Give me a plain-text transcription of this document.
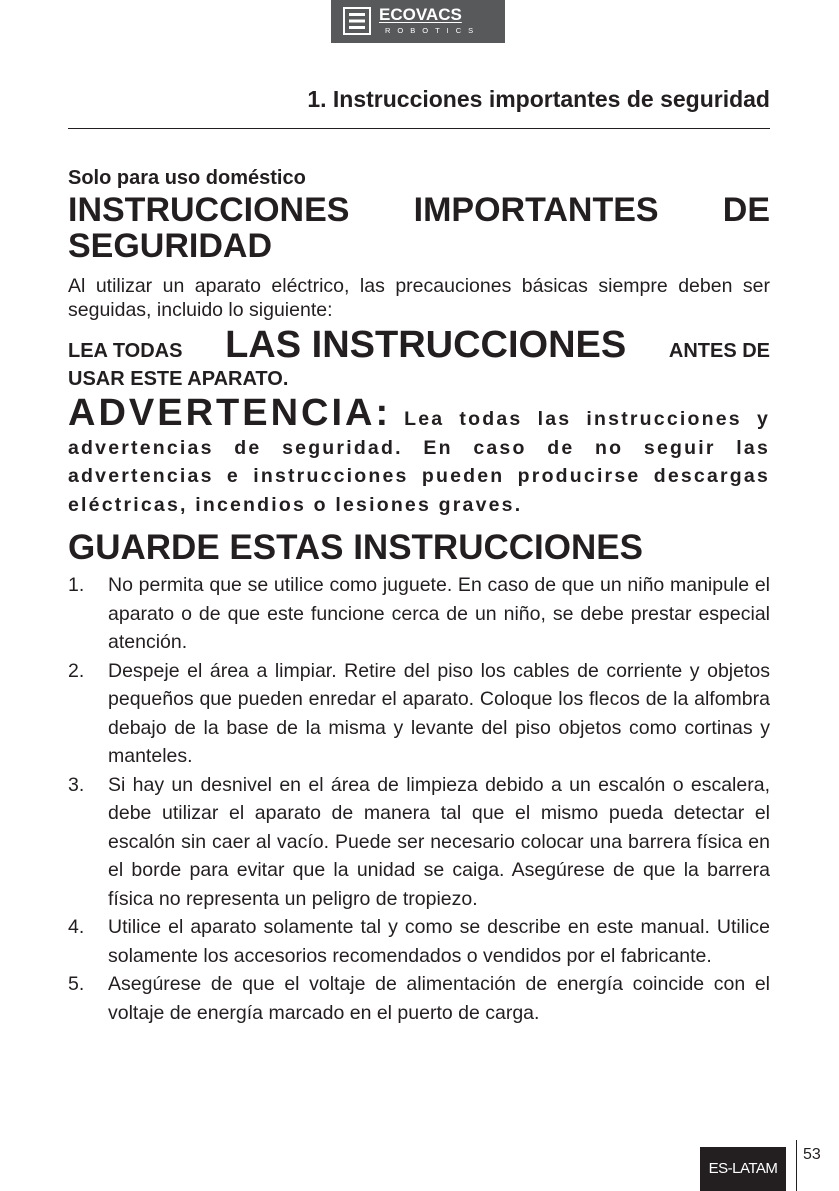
ECOVACS
ROBOTICS
1. Instrucciones importantes de seguridad

Solo para uso doméstico

INSTRUCCIONES IMPORTANTES DE
SEGURIDAD

Al utilizar un aparato eléctrico, las precauciones básicas siempre deben ser seguidas, incluido lo siguiente:

LEA TODAS LAS INSTRUCCIONES ANTES DE
USAR ESTE APARATO.

ADVERTENCIA: Lea todas las instrucciones y advertencias de seguridad. En caso de no seguir las advertencias e instrucciones pueden producirse descargas eléctricas, incendios o lesiones graves.

GUARDE ESTAS INSTRUCCIONES
1. No permita que se utilice como juguete. En caso de que un niño manipule el aparato o de que este funcione cerca de un niño, se debe prestar especial atención.
2. Despeje el área a limpiar. Retire del piso los cables de corriente y objetos pequeños que pueden enredar el aparato. Coloque los flecos de la alfombra debajo de la base de la misma y levante del piso objetos como cortinas y manteles.
3. Si hay un desnivel en el área de limpieza debido a un escalón o escalera, debe utilizar el aparato de manera tal que el mismo pueda detectar el escalón sin caer al vacío. Puede ser necesario colocar una barrera física en el borde para evitar que la unidad se caiga. Asegúrese de que la barrera física no representa un peligro de tropiezo.
4. Utilice el aparato solamente tal y como se describe en este manual. Utilice solamente los accesorios recomendados o vendidos por el fabricante.
5. Asegúrese de que el voltaje de alimentación de energía coincide con el voltaje de energía marcado en el puerto de carga.
ES-LATAM
53
